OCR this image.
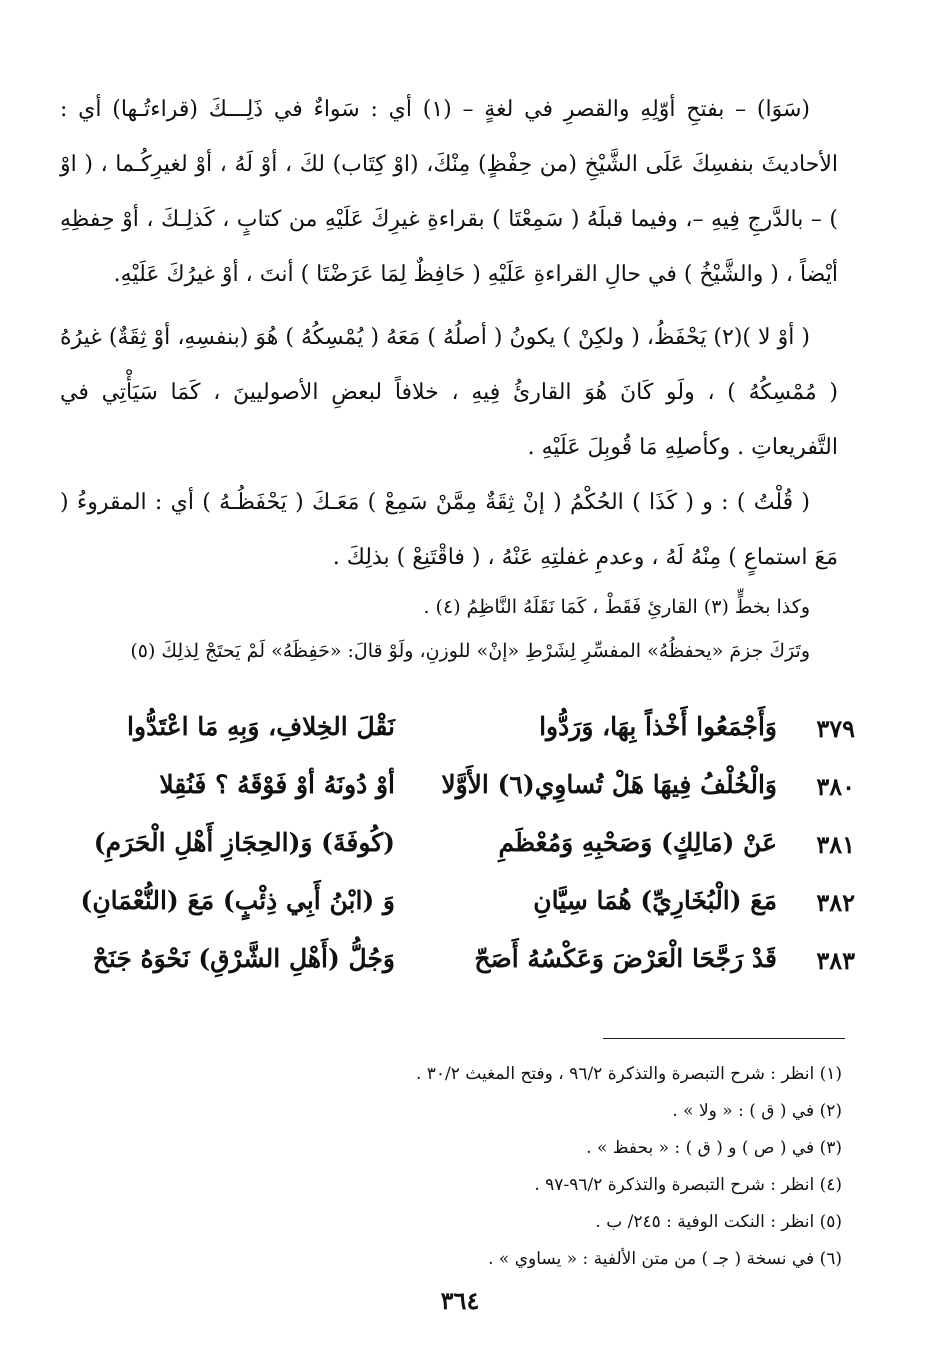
(سَوَا) – بفتحِ أوّلِهِ والقصرِ في لغةٍ – (١) أي : سَواءٌ في ذَلِـــكَ (قراءتُـها) أي : الأحاديثَ بنفسِكَ عَلَى الشَّيْخِ (من حِفْظٍ) مِنْكَ، (اوْ كِتَاب) لكَ ، أوْ لَهُ ، أوْ لغيرِكُـما ، ( اوْ ) – بالدَّرجِ فِيهِ –، وفيما قبلَهُ ( سَمِعْتَا ) بقراءةِ غيرِكَ عَلَيْهِ من كتابٍ ، كَذلِـكَ ، أوْ حِفظِهِ أيْضاً ، ( والشَّيْخُ ) في حالِ القراءةِ عَلَيْهِ ( حَافِظٌ لِمَا عَرَضْتَا ) أنتَ ، أوْ غيرُكَ عَلَيْهِ.

( أوْ لا )(٢) يَحْفَظُ، ( ولكِنْ ) يكونُ ( أصلُهُ ) مَعَهُ ( يُمْسِكُهُ ) هُوَ (بنفسِهِ، أوْ ثِقَةٌ) غيرُهُ ( مُمْسِكُهُ ) ، ولَو كَانَ هُوَ القارئُ فِيهِ ، خلافاً لبعضِ الأصوليينَ ، كَمَا سَيَأْتِي في التَّفريعاتِ . وكأصلِهِ مَا قُوبِلَ عَلَيْهِ .

( قُلْتُ ) : و ( كَذَا ) الحُكْمُ ( إنْ ثِقَةٌ مِمَّنْ سَمِعْ ) مَعَـكَ ( يَحْفَظُـهُ ) أي : المقروءُ ( مَعَ استماعٍ ) مِنْهُ لَهُ ، وعدمِ غفلتِهِ عَنْهُ ، ( فاقْتَنِعْ ) بذلِكَ .

وكذا بخطٍّ (٣) القارئِ فَقَطْ ، كَمَا نَقَلَهُ النَّاظِمُ (٤) .

وتَرَكَ جزمَ «يحفظُهُ» المفسِّرِ لِشَرْطِ «إنْ» للوزنِ، ولَوْ قالَ: «حَفِظَهُ» لَمْ يَحتَجْ لِذلِكَ (٥)

٣٧٩
وَأَجْمَعُوا أَخْذاً بِهَا، وَرَدُّوا
نَقْلَ الخِلافِ، وَبِهِ مَا اعْتَدُّوا
٣٨٠
وَالْخُلْفُ فِيهَا هَلْ تُساوِي(٦) الأَوَّلا
أوْ دُونَهُ أوْ فَوْقَهُ ؟ فَنُقِلا
٣٨١
عَنْ (مَالِكٍ) وَصَحْبِهِ وَمُعْظَمِ
(كُوفَةَ) وَ(الحِجَازِ أَهْلِ الْحَرَمِ)
٣٨٢
مَعَ (الْبُخَارِيِّ) هُمَا سِيَّانِ
وَ (ابْنُ أَبِي ذِئْبٍ) مَعَ (النُّعْمَانِ)
٣٨٣
قَدْ رَجَّحَا الْعَرْضَ وَعَكْسُهُ أَصَحّ
وَجُلُّ (أَهْلِ الشَّرْقِ) نَحْوَهُ جَنَحْ
(١) انظر : شرح التبصرة والتذكرة ٩٦/٢ ، وفتح المغيث ٣٠/٢ .
(٢) في ( ق ) : « ولا » .
(٣) في ( ص ) و ( ق ) : « بحفظ » .
(٤) انظر : شرح التبصرة والتذكرة ٩٦/٢-٩٧ .
(٥) انظر : النكت الوفية : ٢٤٥/ ب .
(٦) في نسخة ( جـ ) من متن الألفية : « يساوي » .
٣٦٤
